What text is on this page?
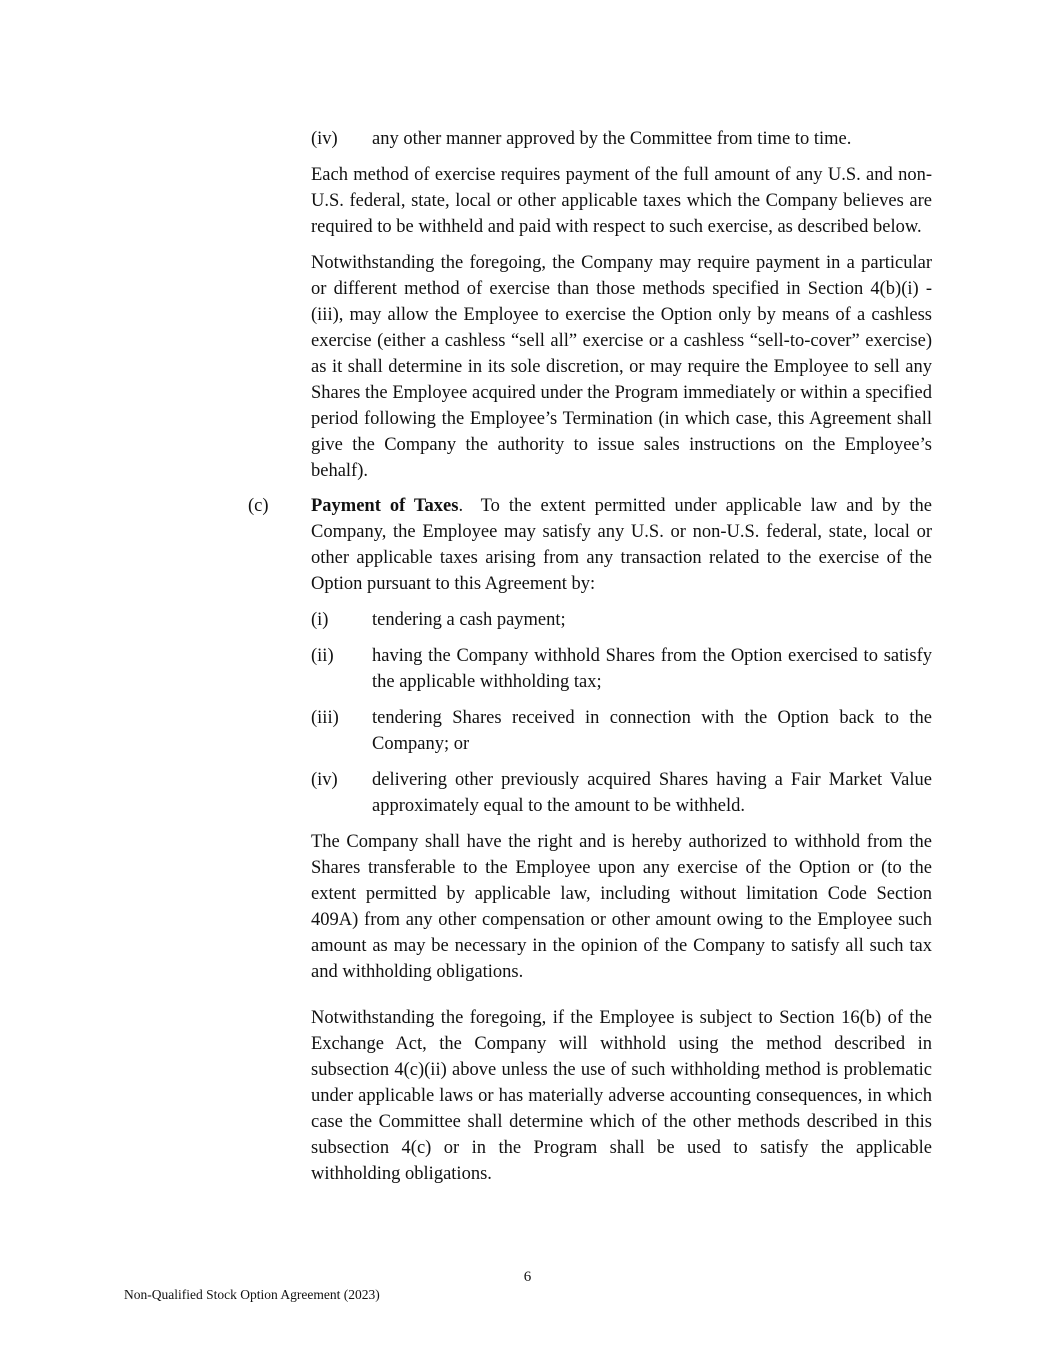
(iv) any other manner approved by the Committee from time to time.
Each method of exercise requires payment of the full amount of any U.S. and non-U.S. federal, state, local or other applicable taxes which the Company believes are required to be withheld and paid with respect to such exercise, as described below.
Notwithstanding the foregoing, the Company may require payment in a particular or different method of exercise than those methods specified in Section 4(b)(i) - (iii), may allow the Employee to exercise the Option only by means of a cashless exercise (either a cashless “sell all” exercise or a cashless “sell-to-cover” exercise) as it shall determine in its sole discretion, or may require the Employee to sell any Shares the Employee acquired under the Program immediately or within a specified period following the Employee’s Termination (in which case, this Agreement shall give the Company the authority to issue sales instructions on the Employee’s behalf).
(c) Payment of Taxes. To the extent permitted under applicable law and by the Company, the Employee may satisfy any U.S. or non-U.S. federal, state, local or other applicable taxes arising from any transaction related to the exercise of the Option pursuant to this Agreement by:
(i) tendering a cash payment;
(ii) having the Company withhold Shares from the Option exercised to satisfy the applicable withholding tax;
(iii) tendering Shares received in connection with the Option back to the Company; or
(iv) delivering other previously acquired Shares having a Fair Market Value approximately equal to the amount to be withheld.
The Company shall have the right and is hereby authorized to withhold from the Shares transferable to the Employee upon any exercise of the Option or (to the extent permitted by applicable law, including without limitation Code Section 409A) from any other compensation or other amount owing to the Employee such amount as may be necessary in the opinion of the Company to satisfy all such tax and withholding obligations.
Notwithstanding the foregoing, if the Employee is subject to Section 16(b) of the Exchange Act, the Company will withhold using the method described in subsection 4(c)(ii) above unless the use of such withholding method is problematic under applicable laws or has materially adverse accounting consequences, in which case the Committee shall determine which of the other methods described in this subsection 4(c) or in the Program shall be used to satisfy the applicable withholding obligations.
6
Non-Qualified Stock Option Agreement (2023)
